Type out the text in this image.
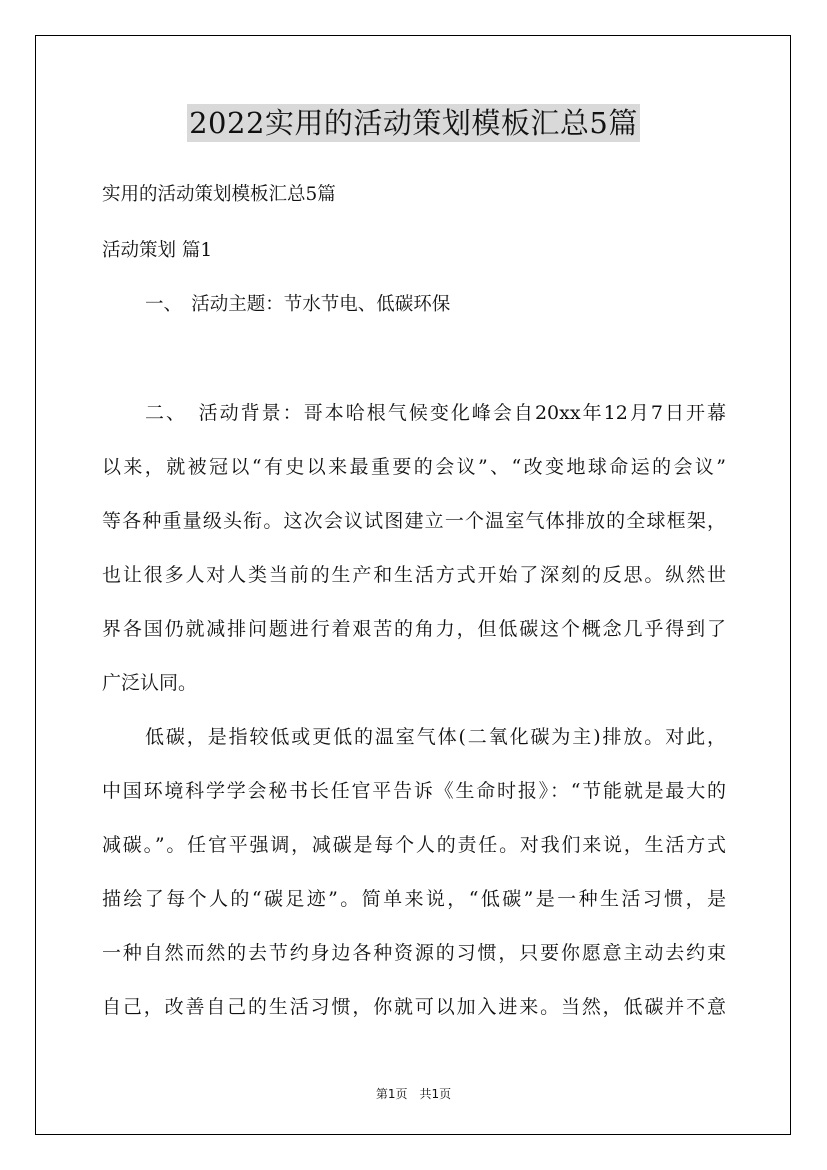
2022实用的活动策划模板汇总5篇
实用的活动策划模板汇总5篇
活动策划 篇1
一、　活动主题：节水节电、低碳环保
二、　活动背景：哥本哈根气候变化峰会自20xx年12月7日开幕
以来，就被冠以“有史以来最重要的会议”、“改变地球命运的会议”
等各种重量级头衔。这次会议试图建立一个温室气体排放的全球框架，
也让很多人对人类当前的生产和生活方式开始了深刻的反思。纵然世
界各国仍就减排问题进行着艰苦的角力，但低碳这个概念几乎得到了
广泛认同。
低碳，是指较低或更低的温室气体(二氧化碳为主)排放。对此，
中国环境科学学会秘书长任官平告诉《生命时报》：“节能就是最大的
减碳。”。任官平强调，减碳是每个人的责任。对我们来说，生活方式
描绘了每个人的“碳足迹”。简单来说，“低碳”是一种生活习惯，是
一种自然而然的去节约身边各种资源的习惯，只要你愿意主动去约束
自己，改善自己的生活习惯，你就可以加入进来。当然，低碳并不意
第1页　共1页
